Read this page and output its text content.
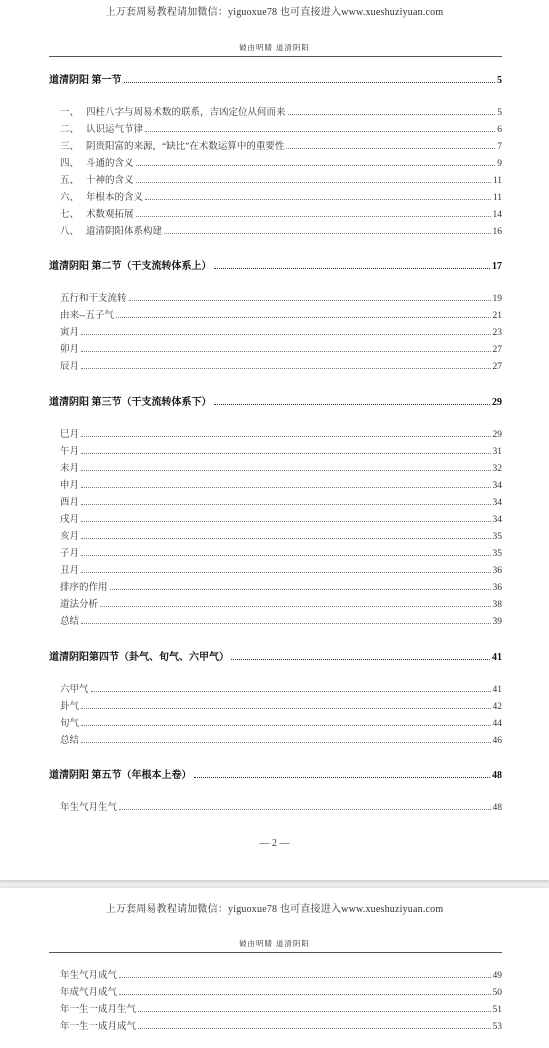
上万套周易教程请加微信：yiguoxue78 也可直接进入www.xueshuziyuan.com
破由明睛 道清阴阳
道清阴阳 第一节	5
一、 四柱八字与周易术数的联系，吉凶定位从何而来	5
二、 认识运气节律	6
三、 阴贵阳富的来源，“缺比”在术数运算中的重要性	7
四、 斗通的含义	9
五、 十神的含义	11
六、 年根本的含义	11
七、 术数观拓展	14
八、 道清阴阳体系构建	16
道清阴阳 第二节（干支流转体系上）	17
五行和干支流转	19
由来--五子气	21
寅月	23
卯月	27
辰月	27
道清阴阳 第三节（干支流转体系下）	29
巳月	29
午月	31
未月	32
申月	34
酉月	34
戌月	34
亥月	35
子月	35
丑月	36
排序的作用	36
道法分析	38
总结	39
道清阴阳第四节（卦气、旬气、六甲气）	41
六甲气	41
卦气	42
旬气	44
总结	46
道清阴阳 第五节（年根本上卷）	48
年生气月生气	48
— 2 —
上万套周易教程请加微信：yiguoxue78 也可直接进入www.xueshuziyuan.com
破由明睛 道清阴阳
年生气月成气	49
年成气月成气	50
年一生一成月生气	51
年一生一成月成气	53
